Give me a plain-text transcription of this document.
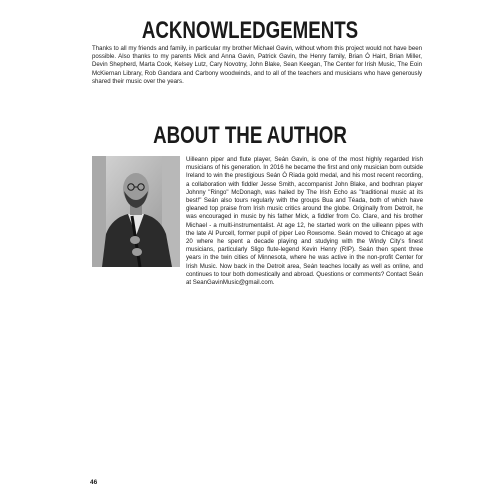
ACKNOWLEDGEMENTS

Thanks to all my friends and family, in particular my brother Michael Gavin, without whom this project would not have been possible. Also thanks to my parents Mick and Anna Gavin, Patrick Gavin, the Henry family, Brian Ó Hairt, Brian Miller, Devin Shepherd, Marta Cook, Kelsey Lutz, Cary Novotny, John Blake, Sean Keegan, The Center for Irish Music, The Eoin McKiernan Library, Rob Gandara and Carbony woodwinds, and to all of the teachers and musicians who have generously shared their music over the years.

ABOUT THE AUTHOR

Uilleann piper and flute player, Seán Gavin, is one of the most highly regarded Irish musicians of his generation. In 2016 he became the first and only musician born outside Ireland to win the prestigious Seán Ó Riada gold medal, and his most recent recording, a collaboration with fiddler Jesse Smith, accompanist John Blake, and bodhran player Johnny "Ringo" McDonagh, was hailed by The Irish Echo as "traditional music at its best!" Seán also tours regularly with the groups Bua and Téada, both of which have gleaned top praise from Irish music critics around the globe. Originally from Detroit, he was encouraged in music by his father Mick, a fiddler from Co. Clare, and his brother Michael - a multi-instrumentalist. At age 12, he started work on the uilleann pipes with the late Al Purcell, former pupil of piper Leo Rowsome. Seán moved to Chicago at age 20 where he spent a decade playing and studying with the Windy City's finest musicians, particularly Sligo flute-legend Kevin Henry (RIP). Seán then spent three years in the twin cities of Minnesota, where he was active in the non-profit Center for Irish Music. Now back in the Detroit area, Seán teaches locally as well as online, and continues to tour both domestically and abroad. Questions or comments? Contact Seán at SeanGavinMusic@gmail.com.

46
